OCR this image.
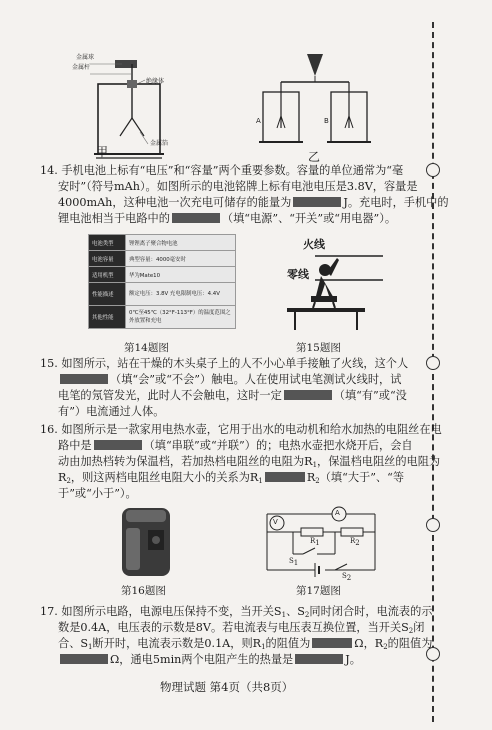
金属球
金属杆
绝缘体
金属箔
甲
A	B
乙
14. 手机电池上标有“电压”和“容量”两个重要参数。容量的单位通常为“毫
安时”（符号mAh）。如图所示的电池铭牌上标有电池电压是3.8V，容量是
4000mAh，这种电池一次充电可储存的能量为	J。充电时，手机中的
锂电池相当于电路中的	（填“电源”、“开关”或“用电器”）。
电池类型	锂锂离子聚合物电池
电池容量	典型容量：4000毫安时
适用机型	华为Mate10
性能描述	额定电压：3.8V 充电限制电压：4.4V
其他性能	0℃至45℃（32°F-113°F）的温度范围之外放置和充电
第14题图
火线
零线
第15题图
15. 如图所示，站在干燥的木头桌子上的人不小心单手接触了火线，这个人
（填“会”或“不会”）触电。人在使用试电笔测试火线时，试
电笔的氖管发光，此时人不会触电，这时一定	（填“有”或“没
有”）电流通过人体。
16. 如图所示是一款家用电热水壶，它用于出水的电动机和给水加热的电阻丝在电
路中是	（填“串联”或“并联”）的；电热水壶把水烧开后，会自
动由加热档转为保温档，若加热档电阻丝的电阻为$R_1$，保温档电阻丝的电阻为
$R_2$，则这两档电阻丝电阻大小的关系为$R_1$	$R_2$（填“大于”、“等
于”或“小于”）。
第16题图
V
A
R1	R2
S1
S2
第17题图
17. 如图所示电路，电源电压保持不变，当开关$S_1$、$S_2$同时闭合时，电流表的示
数是0.4A，电压表的示数是8V。若电流表与电压表互换位置，当开关$S_2$闭
合、$S_1$断开时，电流表示数是0.1A，则$R_1$的阻值为	Ω，$R_2$的阻值为
Ω，通电5min两个电阻产生的热量是	J。
物理试题 第4页（共8页）
